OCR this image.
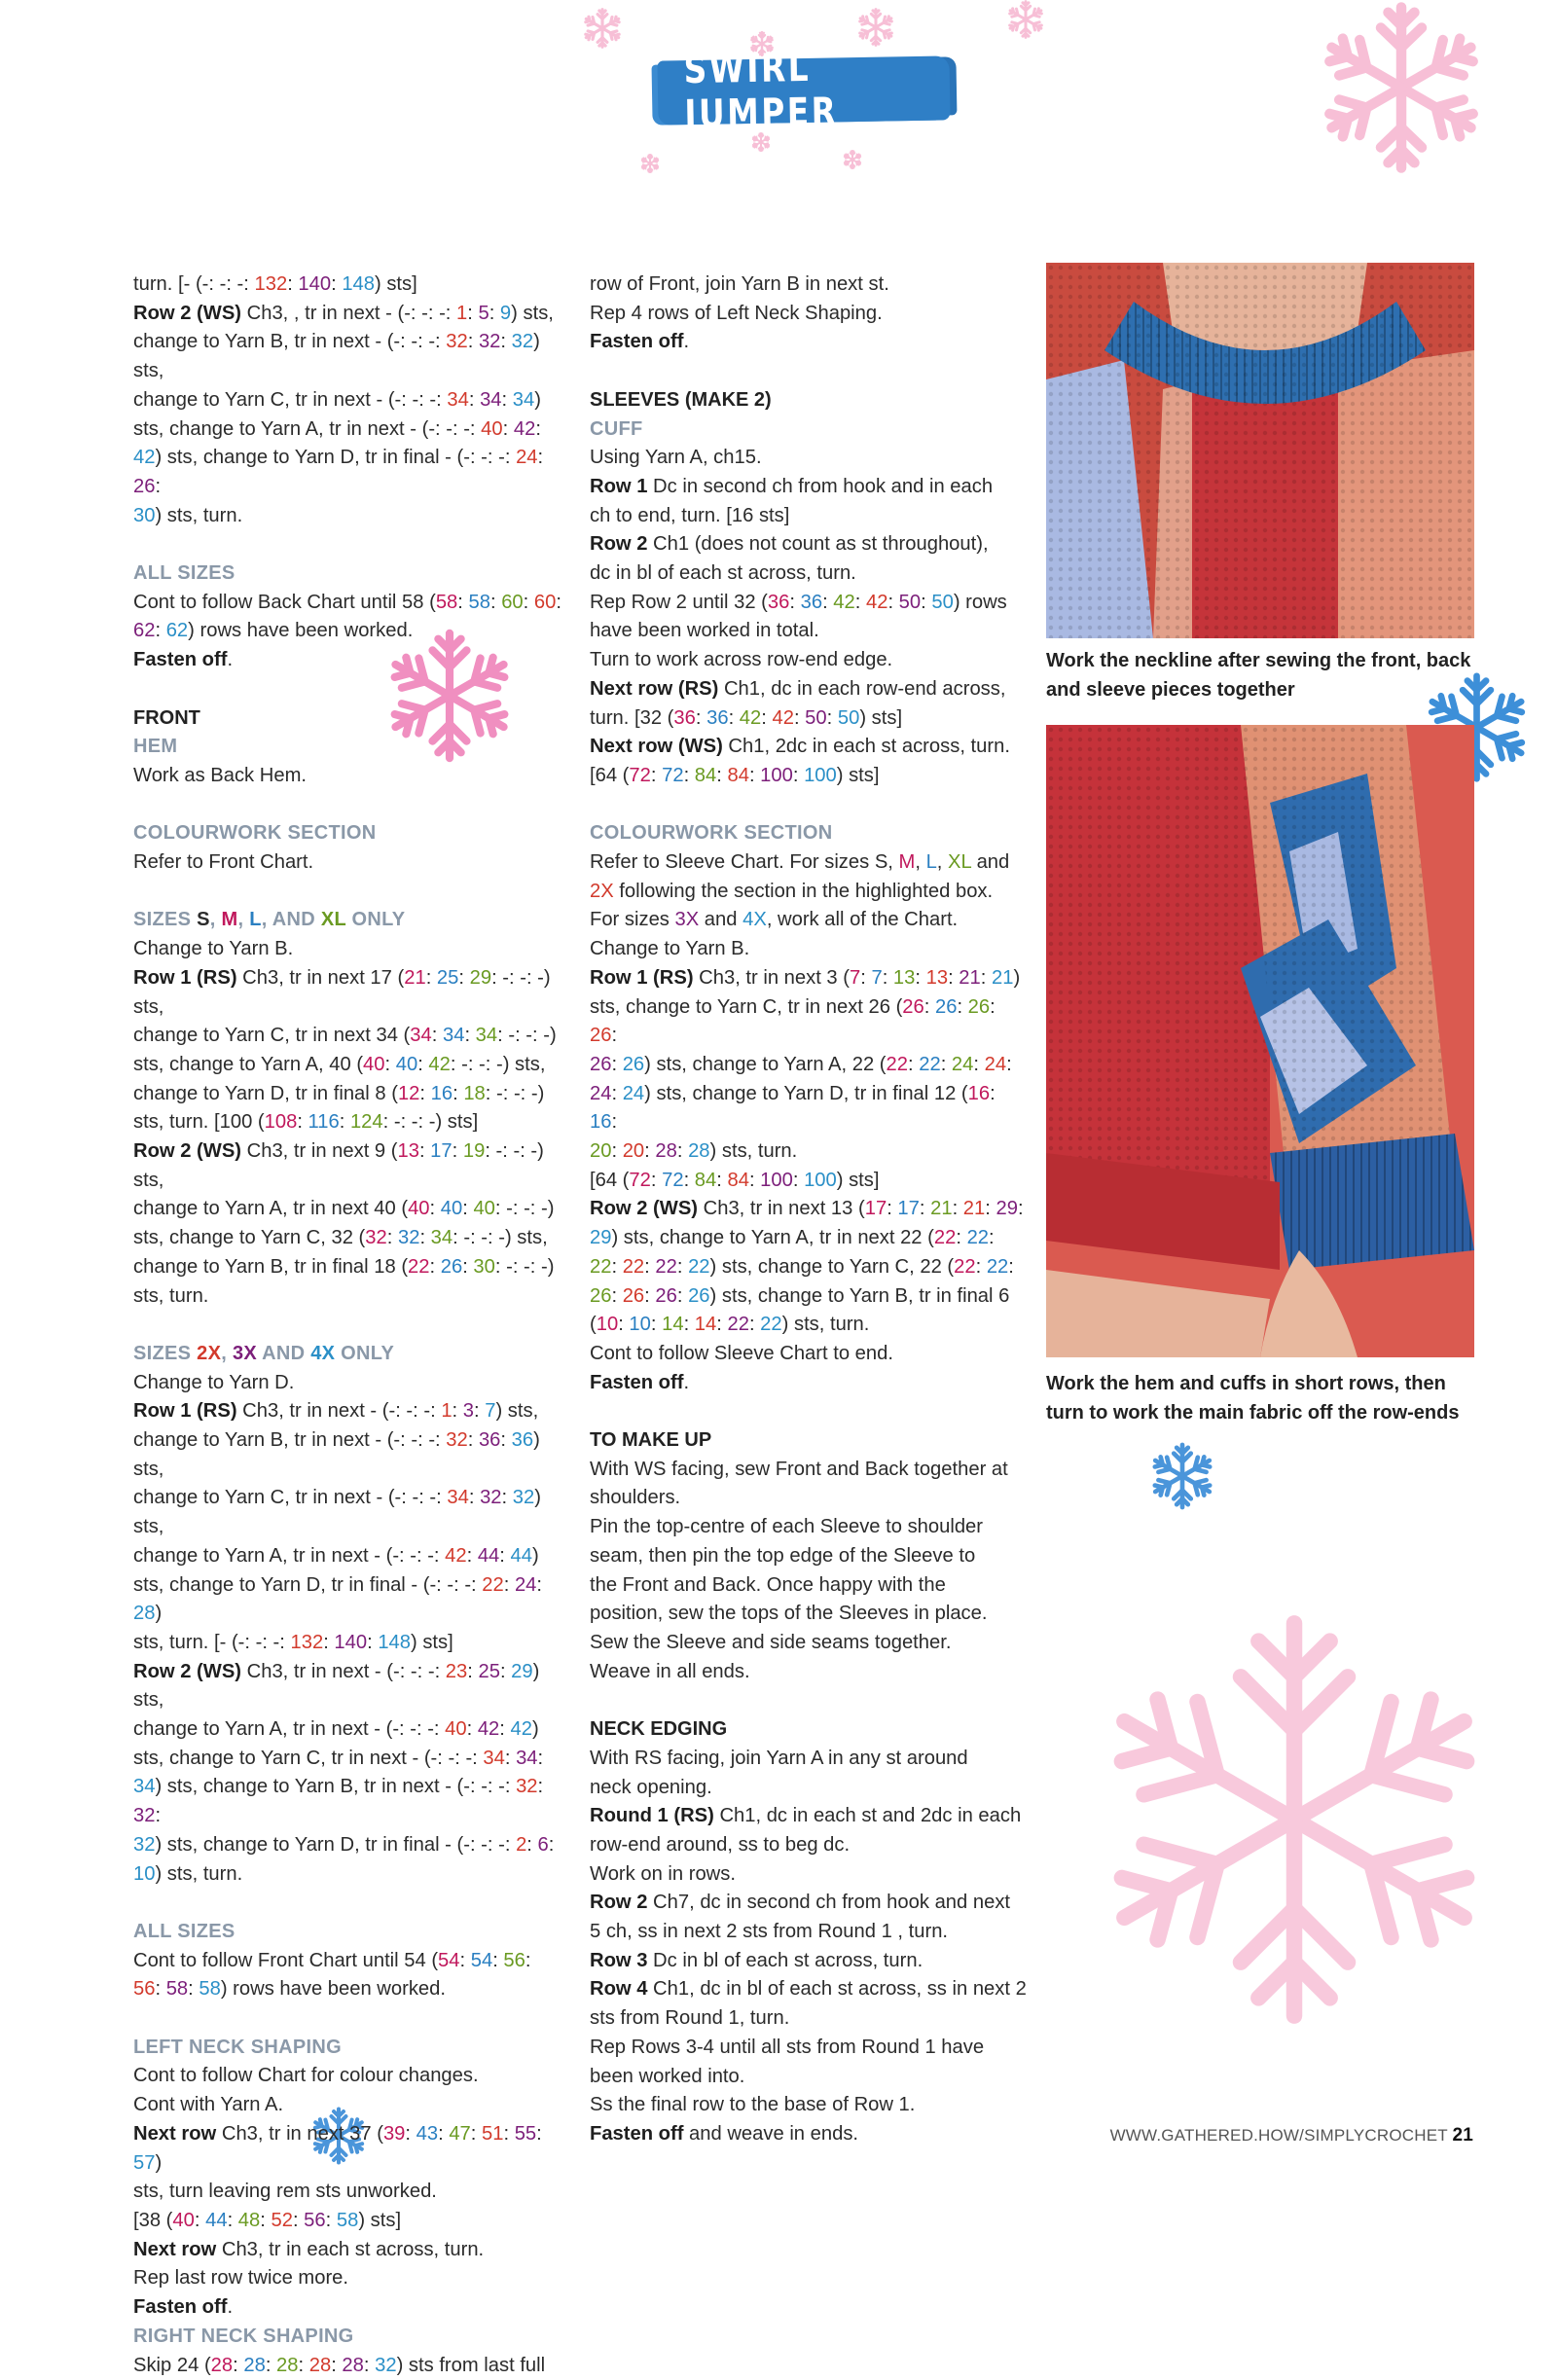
SWIRL JUMPER

turn. [- (-: -: -: 132: 140: 148) sts]

Row 2 (WS) Ch3, , tr in next - (-: -: -: 1: 5: 9) sts,

change to Yarn B, tr in next - (-: -: -: 32: 32: 32) sts,

change to Yarn C, tr in next - (-: -: -: 34: 34: 34)

sts, change to Yarn A, tr in next - (-: -: -: 40: 42:

42) sts, change to Yarn D, tr in final - (-: -: -: 24: 26:

30) sts, turn.

ALL SIZES

Cont to follow Back Chart until 58 (58: 58: 60: 60:

62: 62) rows have been worked.

Fasten off.

FRONT

HEM

Work as Back Hem.

COLOURWORK SECTION

Refer to Front Chart.

SIZES S, M, L, AND XL ONLY

Change to Yarn B.

Row 1 (RS) Ch3, tr in next 17 (21: 25: 29: -: -: -) sts,

change to Yarn C, tr in next 34 (34: 34: 34: -: -: -)

sts, change to Yarn A, 40 (40: 40: 42: -: -: -) sts,

change to Yarn D, tr in final 8 (12: 16: 18: -: -: -)

sts, turn. [100 (108: 116: 124: -: -: -) sts]

Row 2 (WS) Ch3, tr in next 9 (13: 17: 19: -: -: -) sts,

change to Yarn A, tr in next 40 (40: 40: 40: -: -: -)

sts, change to Yarn C, 32 (32: 32: 34: -: -: -) sts,

change to Yarn B, tr in final 18 (22: 26: 30: -: -: -)

sts, turn.

SIZES 2X, 3X AND 4X ONLY

Change to Yarn D.

Row 1 (RS) Ch3, tr in next - (-: -: -: 1: 3: 7) sts,

change to Yarn B, tr in next - (-: -: -: 32: 36: 36) sts,

change to Yarn C, tr in next - (-: -: -: 34: 32: 32) sts,

change to Yarn A, tr in next - (-: -: -: 42: 44: 44)

sts, change to Yarn D, tr in final - (-: -: -: 22: 24: 28)

sts, turn. [- (-: -: -: 132: 140: 148) sts]

Row 2 (WS) Ch3, tr in next - (-: -: -: 23: 25: 29) sts,

change to Yarn A, tr in next - (-: -: -: 40: 42: 42)

sts, change to Yarn C, tr in next - (-: -: -: 34: 34:

34) sts, change to Yarn B, tr in next - (-: -: -: 32: 32:

32) sts, change to Yarn D, tr in final - (-: -: -: 2: 6:

10) sts, turn.

ALL SIZES

Cont to follow Front Chart until 54 (54: 54: 56:

56: 58: 58) rows have been worked.

LEFT NECK SHAPING

Cont to follow Chart for colour changes.

Cont with Yarn A.

Next row Ch3, tr in next 37 (39: 43: 47: 51: 55: 57)

sts, turn leaving rem sts unworked.

[38 (40: 44: 48: 52: 56: 58) sts]

Next row Ch3, tr in each st across, turn.

Rep last row twice more.

Fasten off.

RIGHT NECK SHAPING

Skip 24 (28: 28: 28: 28: 28: 32) sts from last full

row of Front, join Yarn B in next st.

Rep 4 rows of Left Neck Shaping.

Fasten off.

SLEEVES (MAKE 2)

CUFF

Using Yarn A, ch15.

Row 1 Dc in second ch from hook and in each

ch to end, turn. [16 sts]

Row 2 Ch1 (does not count as st throughout),

dc in bl of each st across, turn.

Rep Row 2 until 32 (36: 36: 42: 42: 50: 50) rows

have been worked in total.

Turn to work across row-end edge.

Next row (RS) Ch1, dc in each row-end across,

turn. [32 (36: 36: 42: 42: 50: 50) sts]

Next row (WS) Ch1, 2dc in each st across, turn.

[64 (72: 72: 84: 84: 100: 100) sts]

COLOURWORK SECTION

Refer to Sleeve Chart. For sizes S, M, L, XL and

2X following the section in the highlighted box.

For sizes 3X and 4X, work all of the Chart.

Change to Yarn B.

Row 1 (RS) Ch3, tr in next 3 (7: 7: 13: 13: 21: 21)

sts, change to Yarn C, tr in next 26 (26: 26: 26: 26:

26: 26) sts, change to Yarn A, 22 (22: 22: 24: 24:

24: 24) sts, change to Yarn D, tr in final 12 (16: 16:

20: 20: 28: 28) sts, turn.

[64 (72: 72: 84: 84: 100: 100) sts]

Row 2 (WS) Ch3, tr in next 13 (17: 17: 21: 21: 29:

29) sts, change to Yarn A, tr in next 22 (22: 22:

22: 22: 22: 22) sts, change to Yarn C, 22 (22: 22:

26: 26: 26: 26) sts, change to Yarn B, tr in final 6

(10: 10: 14: 14: 22: 22) sts, turn.

Cont to follow Sleeve Chart to end.

Fasten off.

TO MAKE UP

With WS facing, sew Front and Back together at

shoulders.

Pin the top-centre of each Sleeve to shoulder

seam, then pin the top edge of the Sleeve to

the Front and Back. Once happy with the

position, sew the tops of the Sleeves in place.

Sew the Sleeve and side seams together.

Weave in all ends.

NECK EDGING

With RS facing, join Yarn A in any st around

neck opening.

Round 1 (RS) Ch1, dc in each st and 2dc in each

row-end around, ss to beg dc.

Work on in rows.

Row 2 Ch7, dc in second ch from hook and next

5 ch, ss in next 2 sts from Round 1 , turn.

Row 3 Dc in bl of each st across, turn.

Row 4 Ch1, dc in bl of each st across, ss in next 2

sts from Round 1, turn.

Rep Rows 3-4 until all sts from Round 1 have

been worked into.

Ss the final row to the base of Row 1.

Fasten off and weave in ends.

Work the neckline after sewing the front, back and sleeve pieces together
Work the hem and cuffs in short rows, then turn to work the main fabric off the row-ends
WWW.GATHERED.HOW/SIMPLYCROCHET 21
